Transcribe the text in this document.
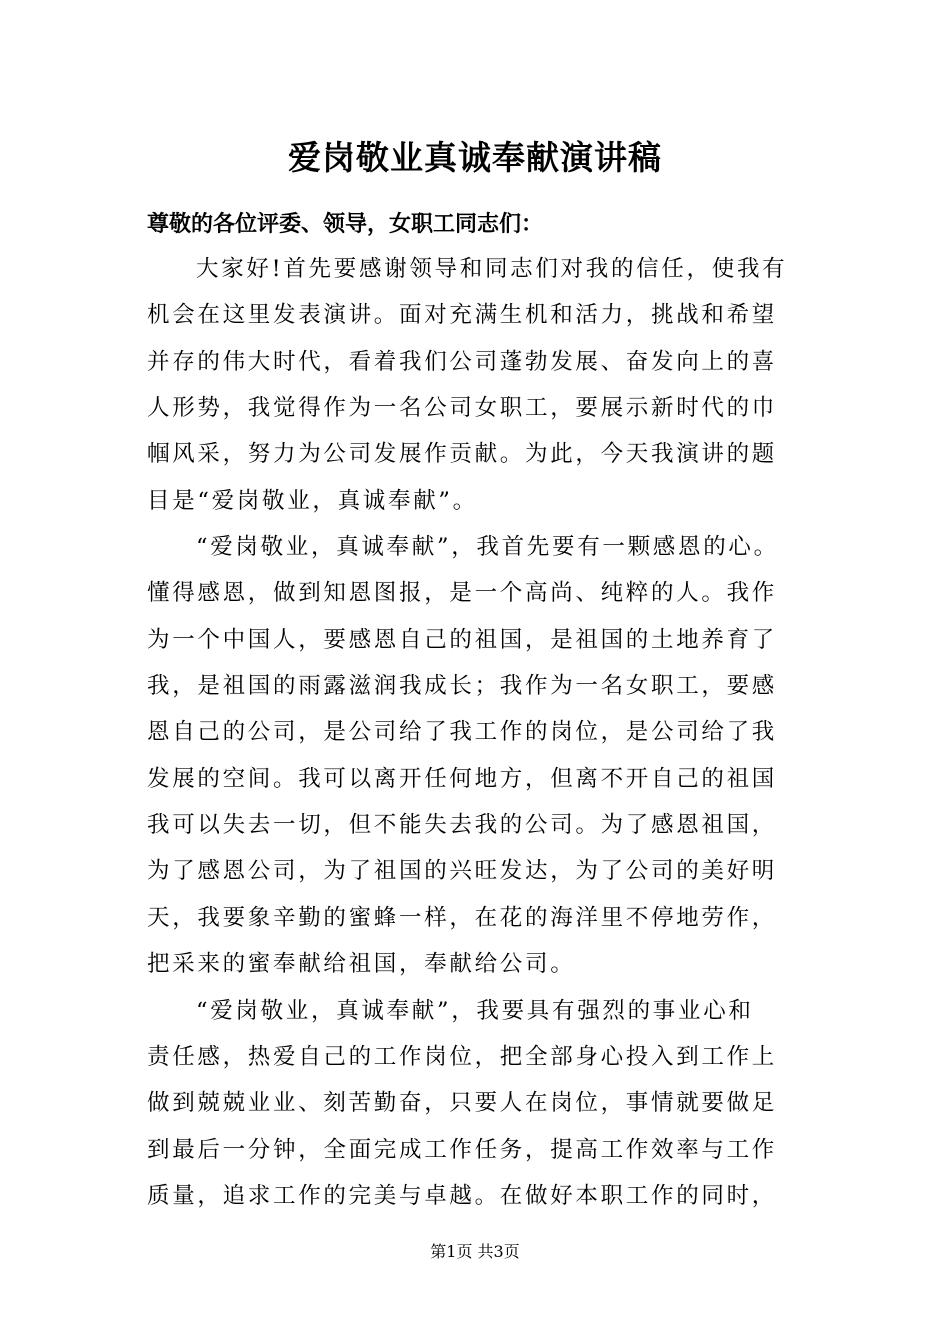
爱岗敬业真诚奉献演讲稿
尊敬的各位评委、领导，女职工同志们：
大家好!首先要感谢领导和同志们对我的信任，使我有
机会在这里发表演讲。面对充满生机和活力，挑战和希望
并存的伟大时代，看着我们公司蓬勃发展、奋发向上的喜
人形势，我觉得作为一名公司女职工，要展示新时代的巾
帼风采，努力为公司发展作贡献。为此，今天我演讲的题
目是“爱岗敬业，真诚奉献”。
“爱岗敬业，真诚奉献”，我首先要有一颗感恩的心。
懂得感恩，做到知恩图报，是一个高尚、纯粹的人。我作
为一个中国人，要感恩自己的祖国，是祖国的土地养育了
我，是祖国的雨露滋润我成长；我作为一名女职工，要感
恩自己的公司，是公司给了我工作的岗位，是公司给了我
发展的空间。我可以离开任何地方，但离不开自己的祖国
我可以失去一切，但不能失去我的公司。为了感恩祖国，
为了感恩公司，为了祖国的兴旺发达，为了公司的美好明
天，我要象辛勤的蜜蜂一样，在花的海洋里不停地劳作，
把采来的蜜奉献给祖国，奉献给公司。
“爱岗敬业，真诚奉献”，我要具有强烈的事业心和
责任感，热爱自己的工作岗位，把全部身心投入到工作上
做到兢兢业业、刻苦勤奋，只要人在岗位，事情就要做足
到最后一分钟，全面完成工作任务，提高工作效率与工作
质量，追求工作的完美与卓越。在做好本职工作的同时，
第1页 共3页
